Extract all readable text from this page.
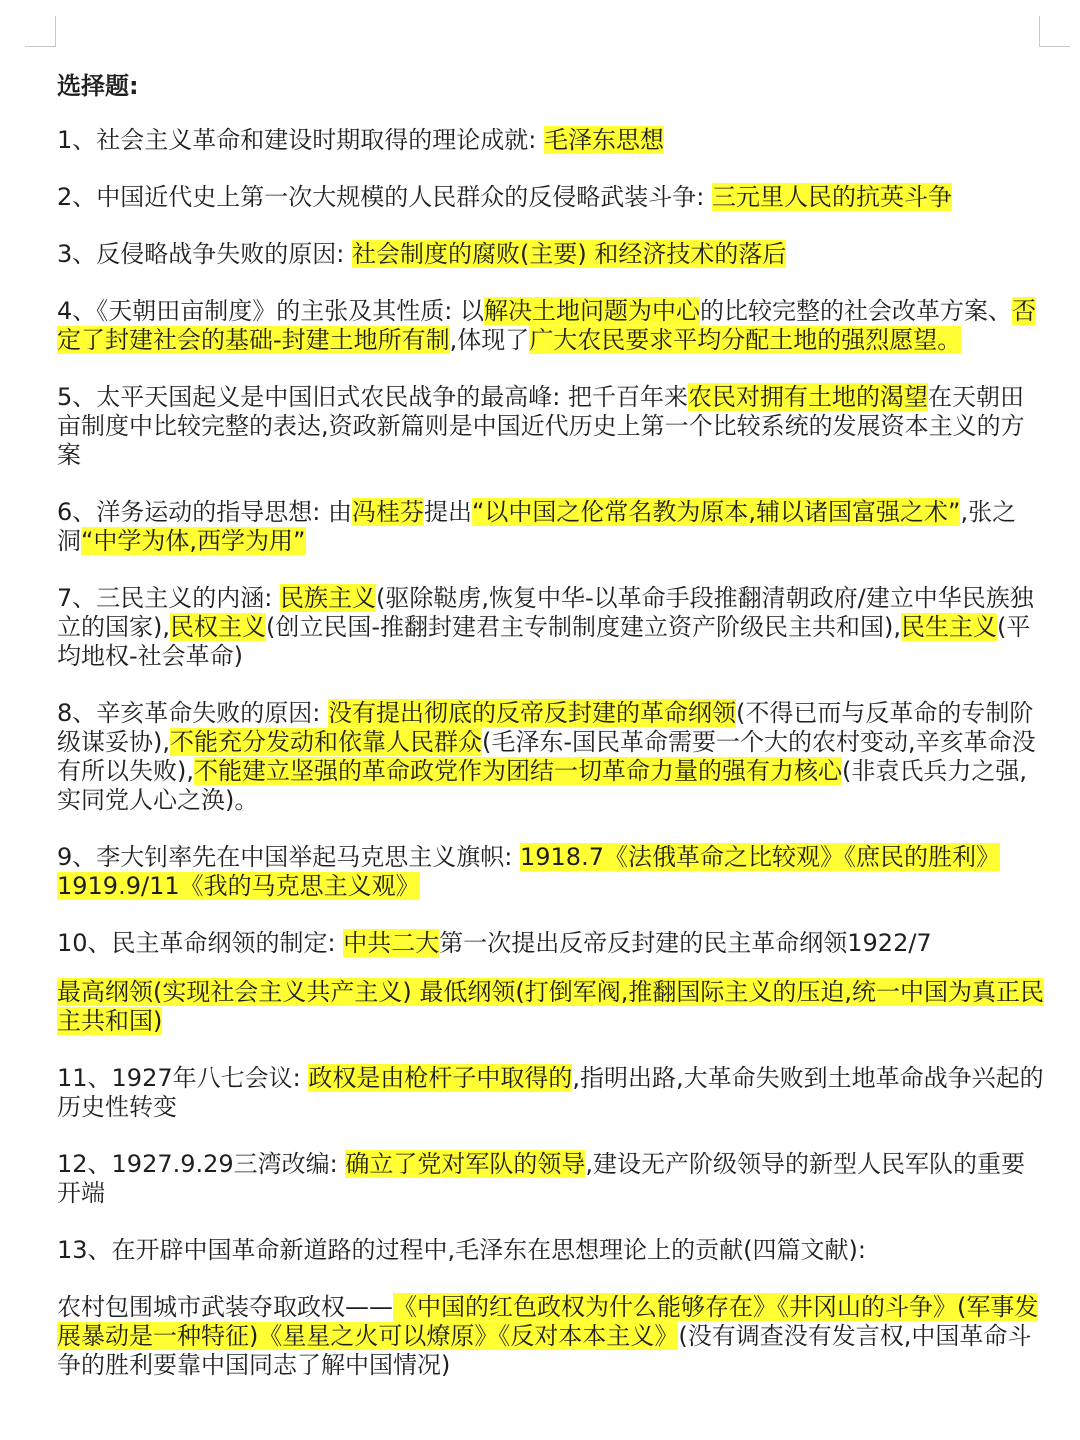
选择题:
1、社会主义革命和建设时期取得的理论成就: 毛泽东思想
2、中国近代史上第一次大规模的人民群众的反侵略武装斗争: 三元里人民的抗英斗争
3、反侵略战争失败的原因: 社会制度的腐败(主要) 和经济技术的落后
4、《天朝田亩制度》的主张及其性质: 以解决土地问题为中心的比较完整的社会改革方案、否定了封建社会的基础-封建土地所有制,体现了广大农民要求平均分配土地的强烈愿望。
5、太平天国起义是中国旧式农民战争的最高峰: 把千百年来农民对拥有土地的渴望在天朝田亩制度中比较完整的表达,资政新篇则是中国近代历史上第一个比较系统的发展资本主义的方案
6、洋务运动的指导思想: 由冯桂芬提出“以中国之伦常名教为原本,辅以诸国富强之术”,张之洞“中学为体,西学为用”
7、三民主义的内涵: 民族主义(驱除鞑虏,恢复中华-以革命手段推翻清朝政府/建立中华民族独立的国家),民权主义(创立民国-推翻封建君主专制制度建立资产阶级民主共和国),民生主义(平均地权-社会革命)
8、辛亥革命失败的原因: 没有提出彻底的反帝反封建的革命纲领(不得已而与反革命的专制阶级谋妥协),不能充分发动和依靠人民群众(毛泽东-国民革命需要一个大的农村变动,辛亥革命没有所以失败),不能建立坚强的革命政党作为团结一切革命力量的强有力核心(非袁氏兵力之强,实同党人心之涣)。
9、李大钊率先在中国举起马克思主义旗帜: 1918.7《法俄革命之比较观》《庶民的胜利》1919.9/11《我的马克思主义观》
10、民主革命纲领的制定: 中共二大第一次提出反帝反封建的民主革命纲领1922/7
最高纲领(实现社会主义共产主义) 最低纲领(打倒军阀,推翻国际主义的压迫,统一中国为真正民主共和国)
11、1927年八七会议: 政权是由枪杆子中取得的,指明出路,大革命失败到土地革命战争兴起的历史性转变
12、1927.9.29三湾改编: 确立了党对军队的领导,建设无产阶级领导的新型人民军队的重要开端
13、在开辟中国革命新道路的过程中,毛泽东在思想理论上的贡献(四篇文献):
农村包围城市武装夺取政权——《中国的红色政权为什么能够存在》《井冈山的斗争》(军事发展暴动是一种特征)《星星之火可以燎原》《反对本本主义》(没有调查没有发言权,中国革命斗争的胜利要靠中国同志了解中国情况)
